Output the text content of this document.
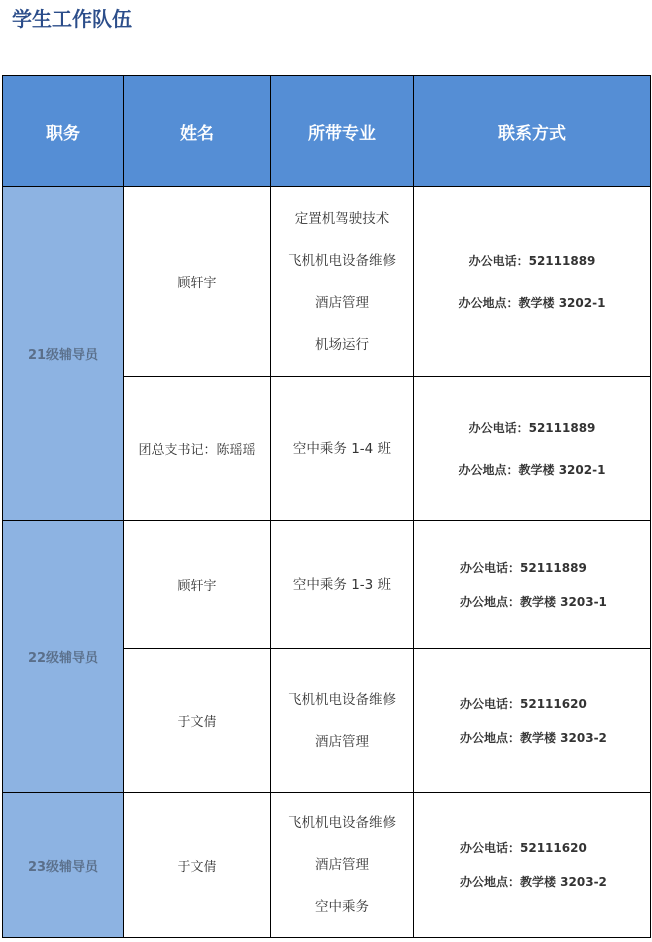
学生工作队伍
职务	姓名	所带专业	联系方式
21级辅导员	顾轩宇	定置机驾驶技术
飞机机电设备维修
酒店管理
机场运行	办公电话：52111889
办公地点：教学楼 3202-1

	团总支书记：陈瑶瑶	空中乘务 1-4 班	办公电话：52111889
办公地点：教学楼 3202-1

22级辅导员	顾轩宇	空中乘务 1-3 班	办公电话：52111889
办公地点：教学楼 3203-1

	于文倩	飞机机电设备维修
酒店管理	办公电话：52111620
办公地点：教学楼 3203-2

23级辅导员	于文倩	飞机机电设备维修
酒店管理
空中乘务	办公电话：52111620
办公地点：教学楼 3203-2
